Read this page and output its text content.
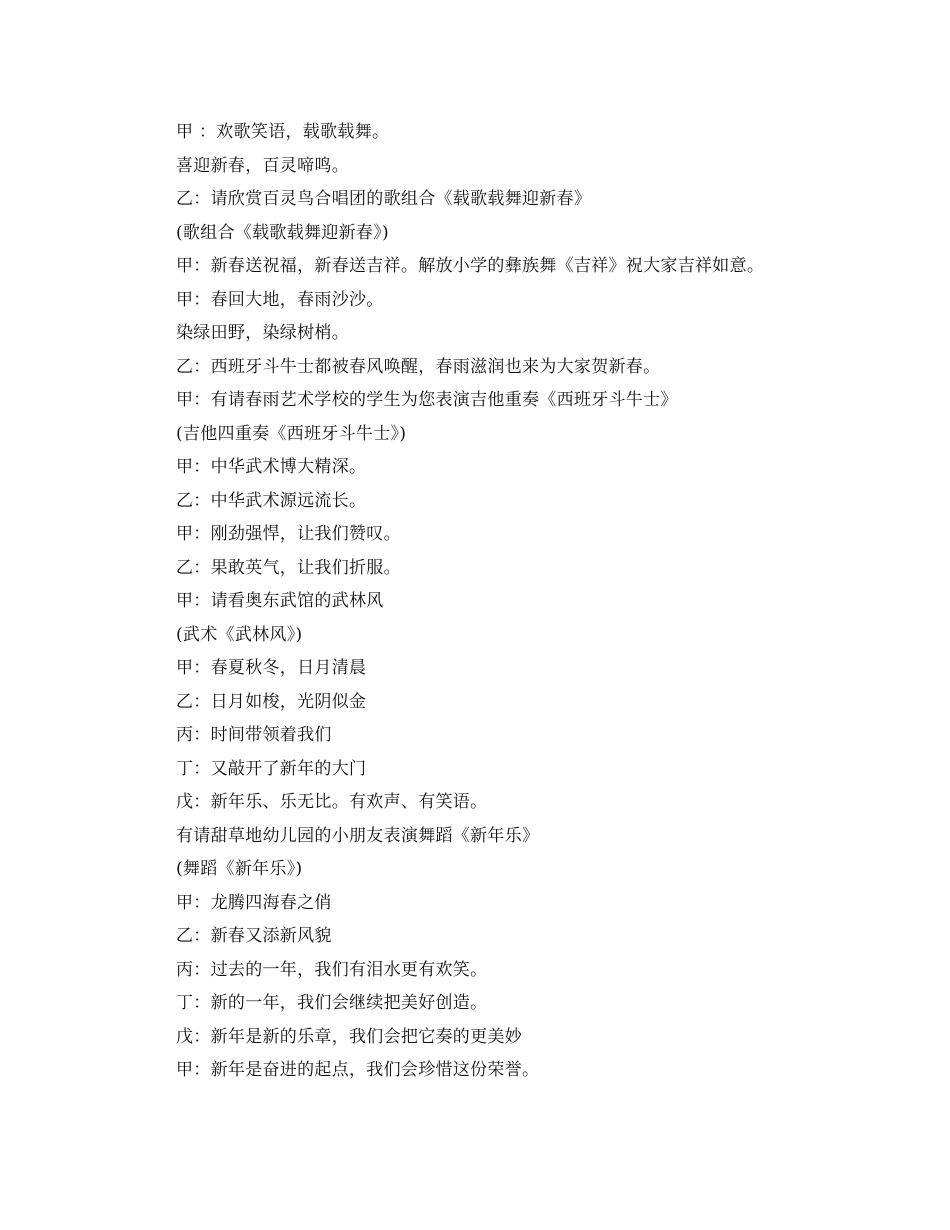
甲 ：欢歌笑语，载歌载舞。
喜迎新春，百灵啼鸣。
乙：请欣赏百灵鸟合唱团的歌组合《载歌载舞迎新春》
(歌组合《载歌载舞迎新春》)
甲：新春送祝福，新春送吉祥。解放小学的彝族舞《吉祥》祝大家吉祥如意。
甲：春回大地，春雨沙沙。
染绿田野，染绿树梢。
乙：西班牙斗牛士都被春风唤醒，春雨滋润也来为大家贺新春。
甲：有请春雨艺术学校的学生为您表演吉他重奏《西班牙斗牛士》
(吉他四重奏《西班牙斗牛士》)
甲：中华武术博大精深。
乙：中华武术源远流长。
甲：刚劲强悍，让我们赞叹。
乙：果敢英气，让我们折服。
甲：请看奥东武馆的武林风
(武术《武林风》)
甲：春夏秋冬，日月清晨
乙：日月如梭，光阴似金
丙：时间带领着我们
丁：又敲开了新年的大门
戊：新年乐、乐无比。有欢声、有笑语。
有请甜草地幼儿园的小朋友表演舞蹈《新年乐》
(舞蹈《新年乐》)
甲：龙腾四海春之俏
乙：新春又添新风貌
丙：过去的一年，我们有泪水更有欢笑。
丁：新的一年，我们会继续把美好创造。
戊：新年是新的乐章，我们会把它奏的更美妙
甲：新年是奋进的起点，我们会珍惜这份荣誉。
